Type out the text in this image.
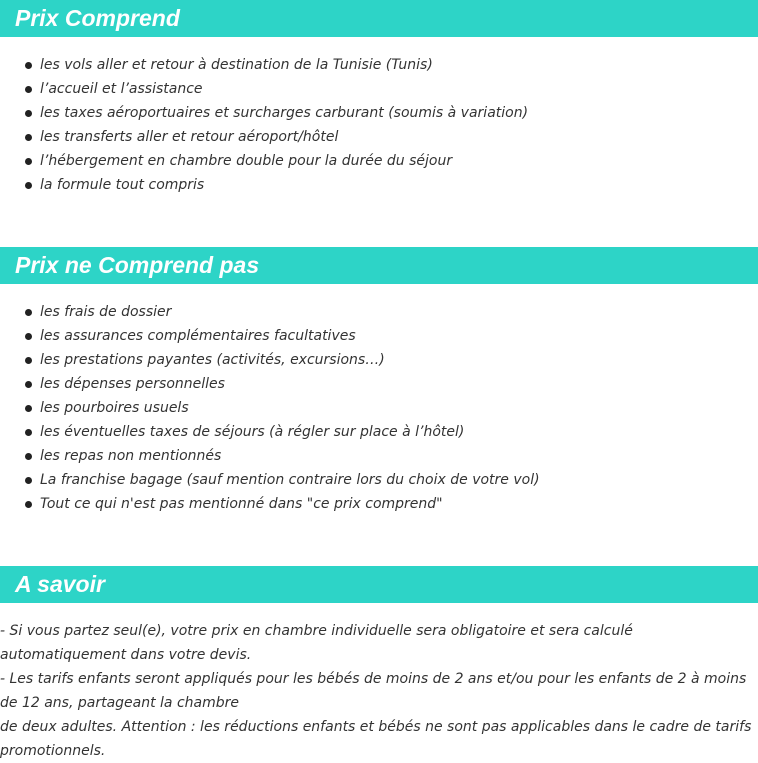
Prix Comprend
les vols aller et retour à destination de la Tunisie (Tunis)
l’accueil et l’assistance
les taxes aéroportuaires et surcharges carburant (soumis à variation)
les transferts aller et retour aéroport/hôtel
l’hébergement en chambre double pour la durée du séjour
la formule tout compris
Prix ne Comprend pas
les frais de dossier
les assurances complémentaires facultatives
les prestations payantes (activités, excursions…)
les dépenses personnelles
les pourboires usuels
les éventuelles taxes de séjours (à régler sur place à l’hôtel)
les repas non mentionnés
La franchise bagage (sauf mention contraire lors du choix de votre vol)
Tout ce qui n'est pas mentionné dans "ce prix comprend"
A savoir

- Si vous partez seul(e), votre prix en chambre individuelle sera obligatoire et sera calculé automatiquement dans votre devis.

- Les tarifs enfants seront appliqués pour les bébés de moins de 2 ans et/ou pour les enfants de 2 à moins de 12 ans, partageant la chambre

de deux adultes. Attention : les réductions enfants et bébés ne sont pas applicables dans le cadre de tarifs promotionnels.
